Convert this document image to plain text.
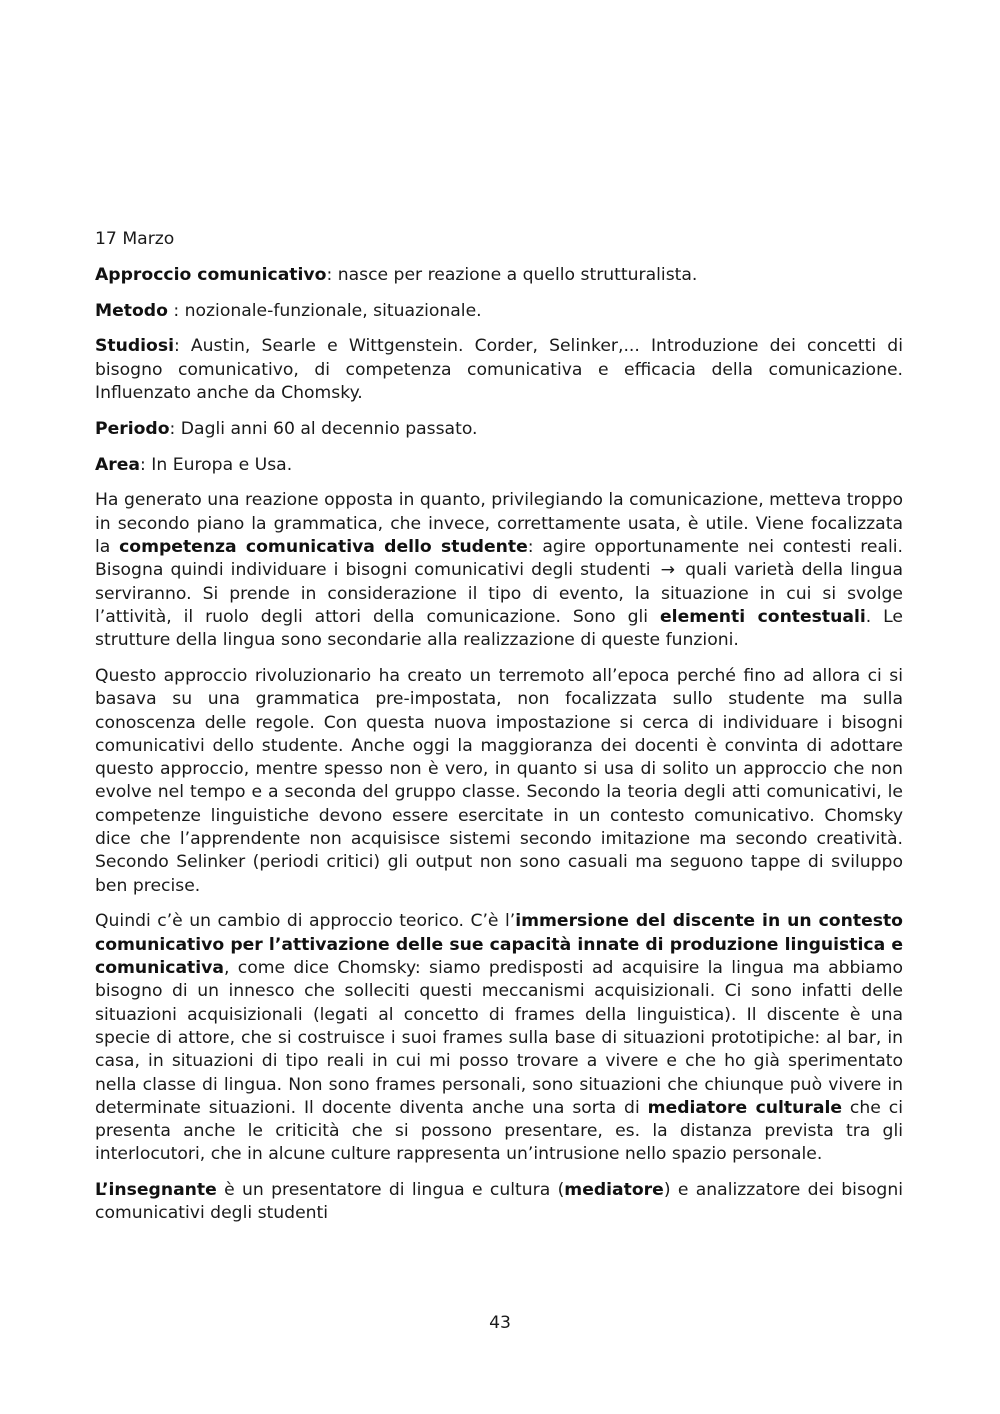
17 Marzo

Approccio comunicativo: nasce per reazione a quello strutturalista.

Metodo : nozionale-funzionale, situazionale.

Studiosi: Austin, Searle e Wittgenstein. Corder, Selinker,... Introduzione dei concetti di bisogno comunicativo, di competenza comunicativa e efficacia della comunicazione. Influenzato anche da Chomsky.

Periodo: Dagli anni 60 al decennio passato.

Area: In Europa e Usa.

Ha generato una reazione opposta in quanto, privilegiando la comunicazione, metteva troppo in secondo piano la grammatica, che invece, correttamente usata, è utile. Viene focalizzata la competenza comunicativa dello studente: agire opportunamente nei contesti reali. Bisogna quindi individuare i bisogni comunicativi degli studenti → quali varietà della lingua serviranno. Si prende in considerazione il tipo di evento, la situazione in cui si svolge l’attività, il ruolo degli attori della comunicazione. Sono gli elementi contestuali. Le strutture della lingua sono secondarie alla realizzazione di queste funzioni.

Questo approccio rivoluzionario ha creato un terremoto all’epoca perché fino ad allora ci si basava su una grammatica pre-impostata, non focalizzata sullo studente ma sulla conoscenza delle regole. Con questa nuova impostazione si cerca di individuare i bisogni comunicativi dello studente. Anche oggi la maggioranza dei docenti è convinta di adottare questo approccio, mentre spesso non è vero, in quanto si usa di solito un approccio che non evolve nel tempo e a seconda del gruppo classe. Secondo la teoria degli atti comunicativi, le competenze linguistiche devono essere esercitate in un contesto comunicativo. Chomsky dice che l’apprendente non acquisisce sistemi secondo imitazione ma secondo creatività. Secondo Selinker (periodi critici) gli output non sono casuali ma seguono tappe di sviluppo ben precise.

Quindi c’è un cambio di approccio teorico. C’è l’immersione del discente in un contesto comunicativo per l’attivazione delle sue capacità innate di produzione linguistica e comunicativa, come dice Chomsky: siamo predisposti ad acquisire la lingua ma abbiamo bisogno di un innesco che solleciti questi meccanismi acquisizionali. Ci sono infatti delle situazioni acquisizionali (legati al concetto di frames della linguistica). Il discente è una specie di attore, che si costruisce i suoi frames sulla base di situazioni prototipiche: al bar, in casa, in situazioni di tipo reali in cui mi posso trovare a vivere e che ho già sperimentato nella classe di lingua. Non sono frames personali, sono situazioni che chiunque può vivere in determinate situazioni. Il docente diventa anche una sorta di mediatore culturale che ci presenta anche le criticità che si possono presentare, es. la distanza prevista tra gli interlocutori, che in alcune culture rappresenta un’intrusione nello spazio personale.

L’insegnante è un presentatore di lingua e cultura (mediatore) e analizzatore dei bisogni comunicativi degli studenti

43
